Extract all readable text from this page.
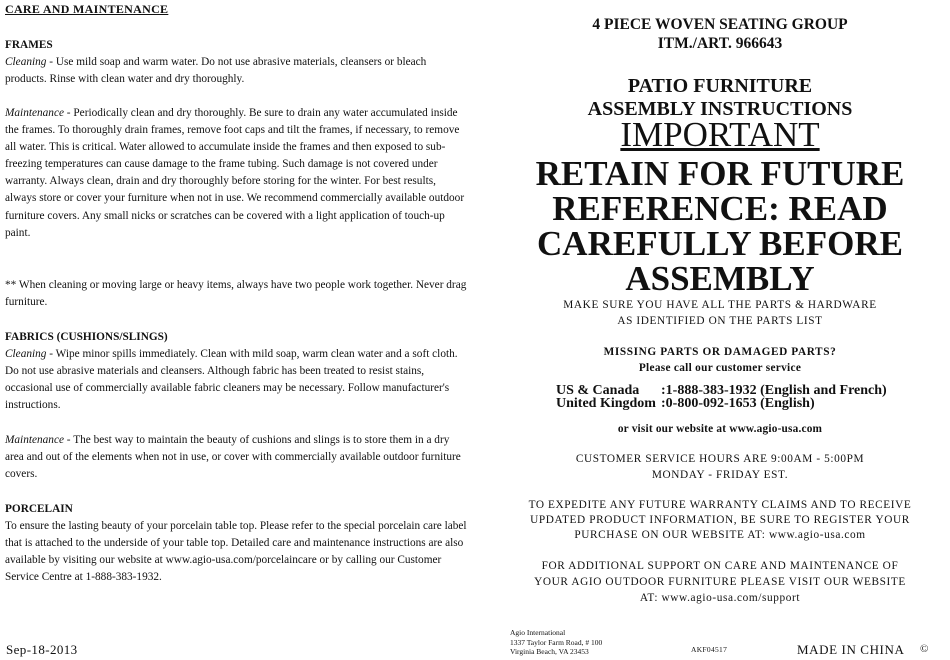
CARE AND MAINTENANCE

FRAMES

Cleaning - Use mild soap and warm water. Do not use abrasive materials, cleansers or bleach products. Rinse with clean water and dry thoroughly.

Maintenance - Periodically clean and dry thoroughly. Be sure to drain any water accumulated inside the frames. To thoroughly drain frames, remove foot caps and tilt the frames, if necessary, to remove all water. This is critical. Water allowed to accumulate inside the frames and then exposed to sub-freezing temperatures can cause damage to the frame tubing. Such damage is not covered under warranty. Always clean, drain and dry thoroughly before storing for the winter. For best results, always store or cover your furniture when not in use. We recommend commercially available outdoor furniture covers. Any small nicks or scratches can be covered with a light application of touch-up paint.

** When cleaning or moving large or heavy items, always have two people work together. Never drag furniture.

FABRICS (CUSHIONS/SLINGS)

Cleaning - Wipe minor spills immediately. Clean with mild soap, warm clean water and a soft cloth. Do not use abrasive materials and cleansers. Although fabric has been treated to resist stains, occasional use of commercially available fabric cleaners may be necessary. Follow manufacturer's instructions.

Maintenance - The best way to maintain the beauty of cushions and slings is to store them in a dry area and out of the elements when not in use, or cover with commercially available outdoor furniture covers.

PORCELAIN

To ensure the lasting beauty of your porcelain table top. Please refer to the special porcelain care label that is attached to the underside of your table top. Detailed care and maintenance instructions are also available by visiting our website at www.agio-usa.com/porcelaincare or by calling our Customer Service Centre at 1-888-383-1932.

Sep-18-2013
4 PIECE WOVEN SEATING GROUP
ITM./ART. 966643
PATIO FURNITURE
ASSEMBLY INSTRUCTIONS
IMPORTANT
RETAIN FOR FUTURE
REFERENCE: READ
CAREFULLY BEFORE
ASSEMBLY
MAKE SURE YOU HAVE ALL THE PARTS & HARDWARE
AS IDENTIFIED ON THE PARTS LIST
MISSING PARTS OR DAMAGED PARTS?
Please call our customer service
US & Canada :1-888-383-1932 (English and French)
United Kingdom :0-800-092-1653 (English)
or visit our website at www.agio-usa.com
CUSTOMER SERVICE HOURS ARE 9:00AM - 5:00PM
MONDAY - FRIDAY EST.
TO EXPEDITE ANY FUTURE WARRANTY CLAIMS AND TO RECEIVE
UPDATED PRODUCT INFORMATION, BE SURE TO REGISTER YOUR
PURCHASE ON OUR WEBSITE AT: www.agio-usa.com
FOR ADDITIONAL SUPPORT ON CARE AND MAINTENANCE OF
YOUR AGIO OUTDOOR FURNITURE PLEASE VISIT OUR WEBSITE
AT: www.agio-usa.com/support
Agio International
1337 Taylor Farm Road, # 100
Virginia Beach, VA 23453	AKF04517	MADE IN CHINA ©
